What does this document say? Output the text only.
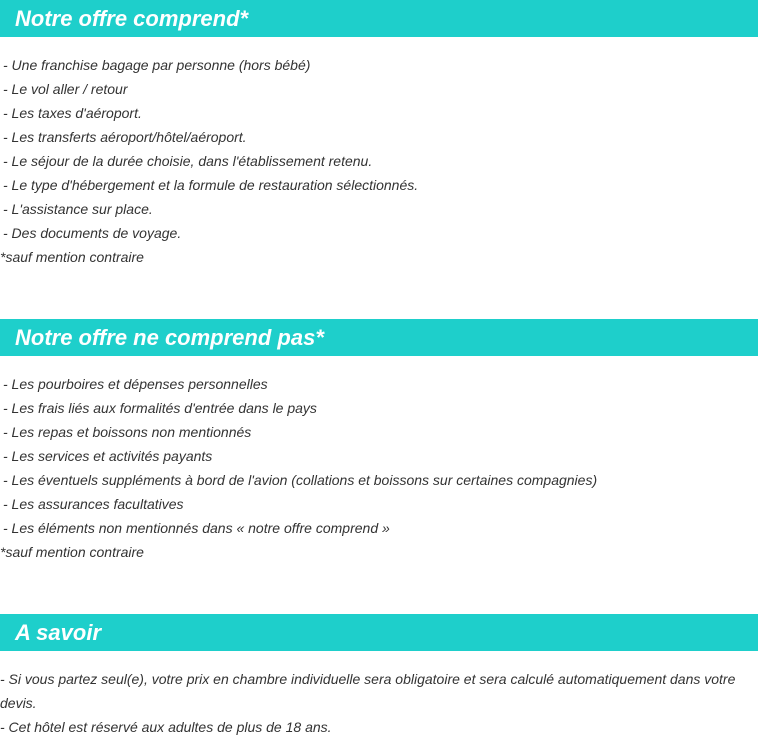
Notre offre comprend*
- Une franchise bagage par personne (hors bébé)
- Le vol aller / retour
- Les taxes d'aéroport.
- Les transferts aéroport/hôtel/aéroport.
- Le séjour de la durée choisie, dans l'établissement retenu.
- Le type d'hébergement et la formule de restauration sélectionnés.
- L'assistance sur place.
- Des documents de voyage.
*sauf mention contraire
Notre offre ne comprend pas*
- Les pourboires et dépenses personnelles
- Les frais liés aux formalités d'entrée dans le pays
- Les repas et boissons non mentionnés
- Les services et activités payants
- Les éventuels suppléments à bord de l'avion (collations et boissons sur certaines compagnies)
- Les assurances facultatives
- Les éléments non mentionnés dans « notre offre comprend »
*sauf mention contraire
A savoir
- Si vous partez seul(e), votre prix en chambre individuelle sera obligatoire et sera calculé automatiquement dans votre devis.
- Cet hôtel est réservé aux adultes de plus de 18 ans.
